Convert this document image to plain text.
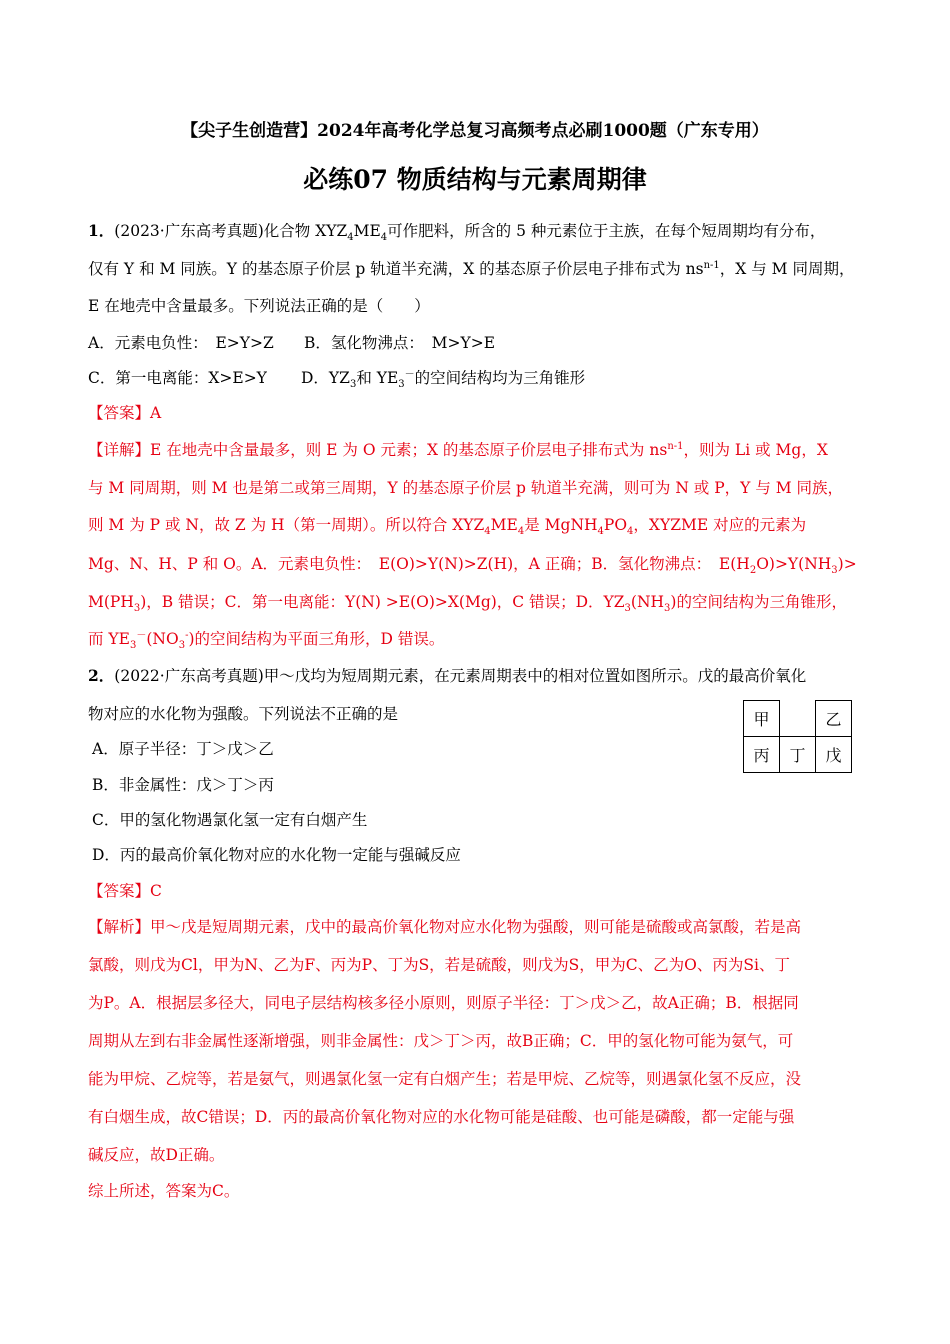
【尖子生创造营】2024年高考化学总复习高频考点必刷1000题（广东专用）
必练07 物质结构与元素周期律
1．(2023·广东高考真题)化合物 $XYZ_4ME_4$可作肥料，所含的 5 种元素位于主族，在每个短周期均有分布，
仅有 Y 和 M 同族。Y 的基态原子价层 p 轨道半充满，X 的基态原子价层电子排布式为 $ns^{n-1}$，X 与 M 同周期，
E 在地壳中含量最多。下列说法正确的是（　　）
A．元素电负性：　E>Y>Z B．氢化物沸点：　M>Y>E
C．第一电离能：X>E>Y D．$YZ_3$和 $YE_3^-$的空间结构均为三角锥形
【答案】A
【详解】E 在地壳中含量最多，则 E 为 O 元素；X 的基态原子价层电子排布式为 $ns^{n-1}$，则为 Li 或 Mg，X
与 M 同周期，则 M 也是第二或第三周期，Y 的基态原子价层 p 轨道半充满，则可为 N 或 P，Y 与 M 同族，
则 M 为 P 或 N，故 Z 为 H（第一周期）。所以符合 $XYZ_4ME_4$是 $MgNH_4PO_4$，XYZME 对应的元素为
Mg、N、H、P 和 O。A．元素电负性：　E(O)>Y(N)>Z(H)，A 正确；B．氢化物沸点：　$E(H_2O)>Y(NH_3)>$
$M(PH_3)$，B 错误；C．第一电离能：Y(N) >E(O)>X(Mg)，C 错误；D．$YZ_3(NH_3)$的空间结构为三角锥形，
而 $YE_3^-(NO_3^-)$的空间结构为平面三角形，D 错误。
2．(2022·广东高考真题)甲～戊均为短周期元素，在元素周期表中的相对位置如图所示。戊的最高价氧化
物对应的水化物为强酸。下列说法不正确的是	甲		乙
丙	丁	戊
A．原子半径：丁＞戊＞乙
B．非金属性：戊＞丁＞丙
C．甲的氢化物遇氯化氢一定有白烟产生
D．丙的最高价氧化物对应的水化物一定能与强碱反应
【答案】C
【解析】甲～戊是短周期元素，戊中的最高价氧化物对应水化物为强酸，则可能是硫酸或高氯酸，若是高
氯酸，则戊为Cl，甲为N、乙为F、丙为P、丁为S，若是硫酸，则戊为S，甲为C、乙为O、丙为Si、丁
为P。A．根据层多径大，同电子层结构核多径小原则，则原子半径：丁＞戊＞乙，故A正确；B．根据同
周期从左到右非金属性逐渐增强，则非金属性：戊＞丁＞丙，故B正确；C．甲的氢化物可能为氨气，可
能为甲烷、乙烷等，若是氨气，则遇氯化氢一定有白烟产生；若是甲烷、乙烷等，则遇氯化氢不反应，没
有白烟生成，故C错误；D．丙的最高价氧化物对应的水化物可能是硅酸、也可能是磷酸，都一定能与强
碱反应，故D正确。
综上所述，答案为C。
